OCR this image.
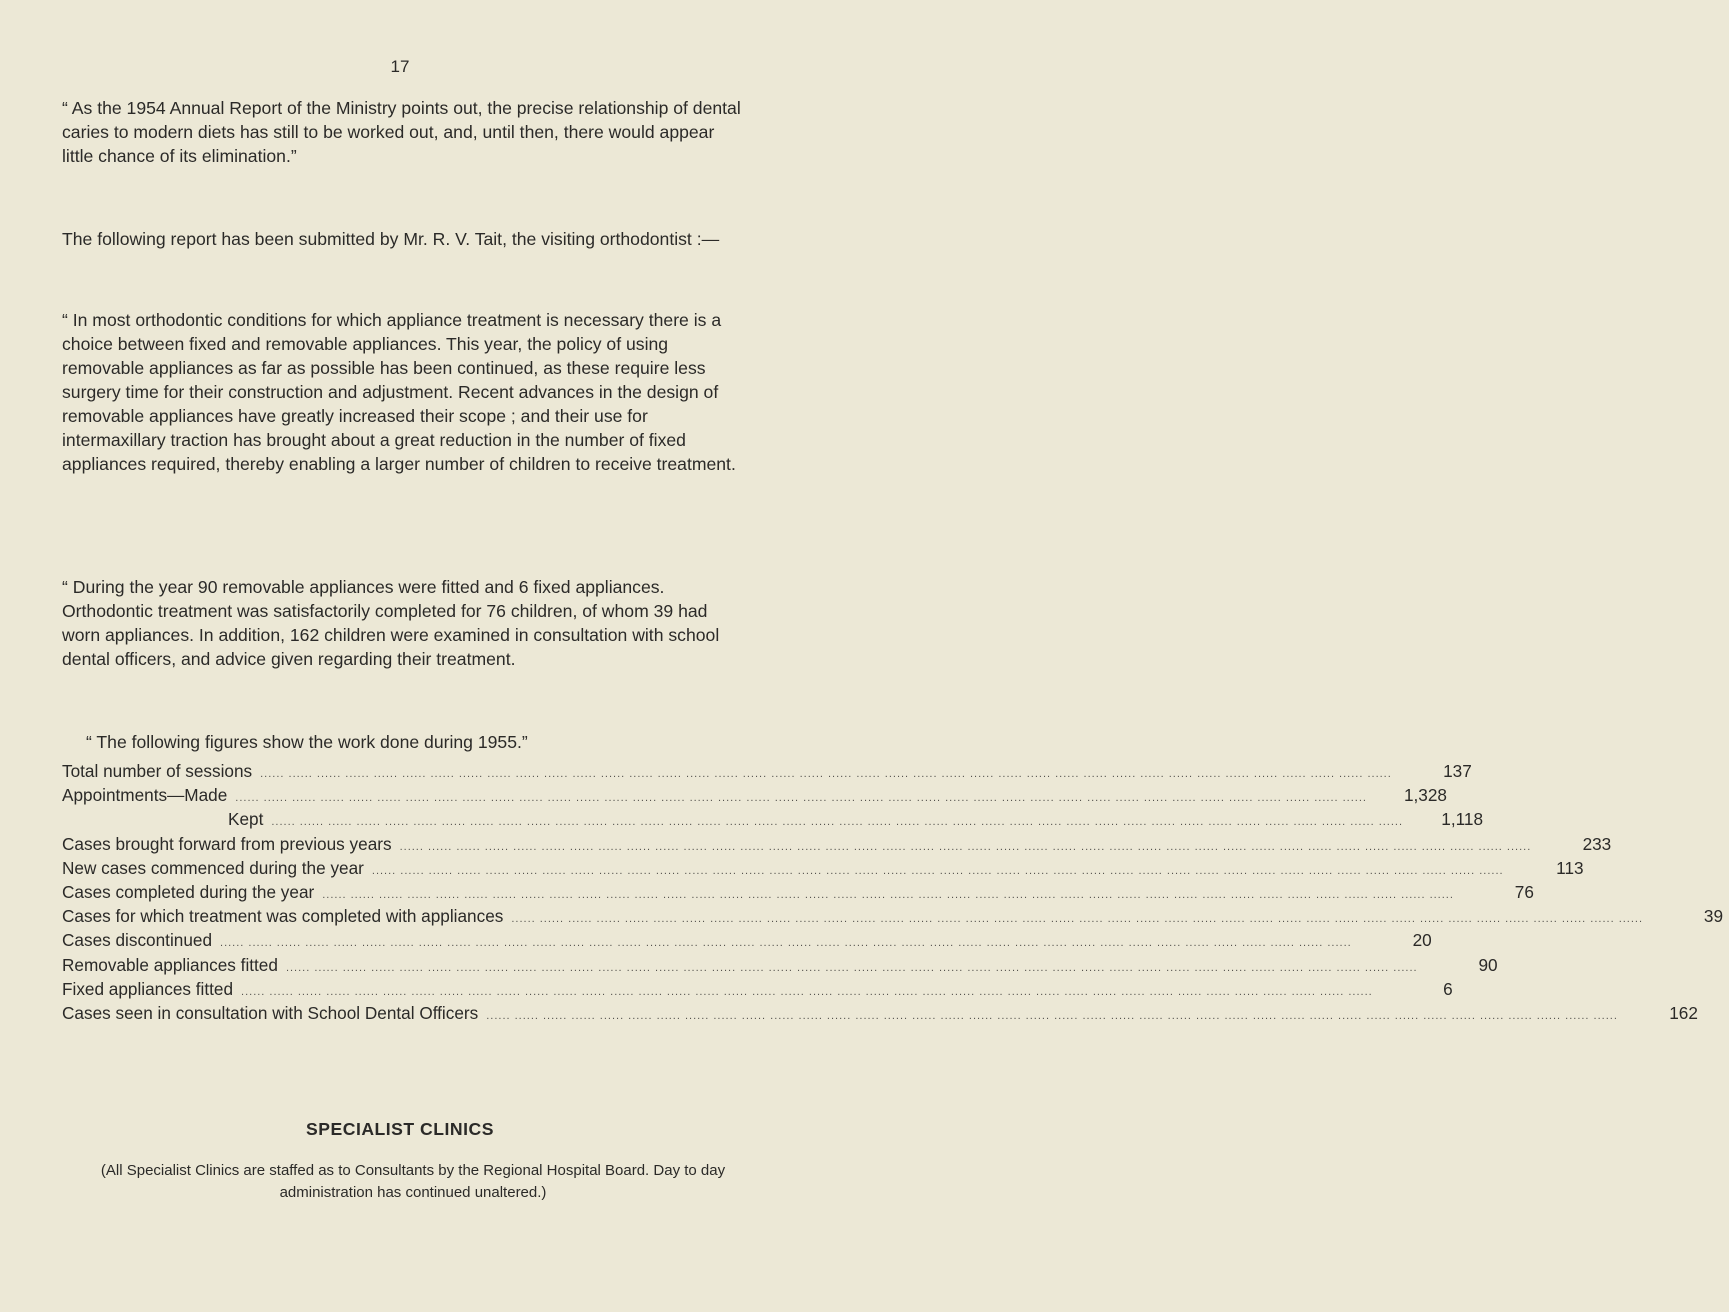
17

“ As the 1954 Annual Report of the Ministry points out, the precise relationship of dental caries to modern diets has still to be worked out, and, until then, there would appear little chance of its elimination.”

The following report has been submitted by Mr. R. V. Tait, the visiting orthodontist :—

“ In most orthodontic conditions for which appliance treatment is necessary there is a choice between fixed and removable appliances. This year, the policy of using removable appliances as far as possible has been continued, as these require less surgery time for their construction and adjustment. Recent advances in the design of removable appliances have greatly increased their scope ; and their use for intermaxillary traction has brought about a great reduction in the number of fixed appliances required, thereby enabling a larger number of children to receive treatment.

“ During the year 90 removable appliances were fitted and 6 fixed appliances. Orthodontic treatment was satisfactorily completed for 76 children, of whom 39 had worn appliances. In addition, 162 children were examined in consultation with school dental officers, and advice given regarding their treatment.

“ The following figures show the work done during 1955.”

Total number of sessions ...... ...... ...... ...... ...... ...... ...... ...... ...... ...... ...... ...... ...... ...... ...... ...... ...... ...... ...... ...... ...... ...... ...... ...... ...... ...... ...... ...... ...... ...... ...... ...... ...... ...... ...... ...... ...... ...... ...... ......	137
Appointments—Made ...... ...... ...... ...... ...... ...... ...... ...... ...... ...... ...... ...... ...... ...... ...... ...... ...... ...... ...... ...... ...... ...... ...... ...... ...... ...... ...... ...... ...... ...... ...... ...... ...... ...... ...... ...... ...... ...... ...... ......	1,328
Kept ...... ...... ...... ...... ...... ...... ...... ...... ...... ...... ...... ...... ...... ...... ...... ...... ...... ...... ...... ...... ...... ...... ...... ...... ...... ...... ...... ...... ...... ...... ...... ...... ...... ...... ...... ...... ...... ...... ...... ......	1,118
Cases brought forward from previous years ...... ...... ...... ...... ...... ...... ...... ...... ...... ...... ...... ...... ...... ...... ...... ...... ...... ...... ...... ...... ...... ...... ...... ...... ...... ...... ...... ...... ...... ...... ...... ...... ...... ...... ...... ...... ...... ...... ...... ......	233
New cases commenced during the year ...... ...... ...... ...... ...... ...... ...... ...... ...... ...... ...... ...... ...... ...... ...... ...... ...... ...... ...... ...... ...... ...... ...... ...... ...... ...... ...... ...... ...... ...... ...... ...... ...... ...... ...... ...... ...... ...... ...... ......	113
Cases completed during the year ...... ...... ...... ...... ...... ...... ...... ...... ...... ...... ...... ...... ...... ...... ...... ...... ...... ...... ...... ...... ...... ...... ...... ...... ...... ...... ...... ...... ...... ...... ...... ...... ...... ...... ...... ...... ...... ...... ...... ......	76
Cases for which treatment was completed with appliances ...... ...... ...... ...... ...... ...... ...... ...... ...... ...... ...... ...... ...... ...... ...... ...... ...... ...... ...... ...... ...... ...... ...... ...... ...... ...... ...... ...... ...... ...... ...... ...... ...... ...... ...... ...... ...... ...... ...... ......	39
Cases discontinued ...... ...... ...... ...... ...... ...... ...... ...... ...... ...... ...... ...... ...... ...... ...... ...... ...... ...... ...... ...... ...... ...... ...... ...... ...... ...... ...... ...... ...... ...... ...... ...... ...... ...... ...... ...... ...... ...... ...... ......	20
Removable appliances fitted ...... ...... ...... ...... ...... ...... ...... ...... ...... ...... ...... ...... ...... ...... ...... ...... ...... ...... ...... ...... ...... ...... ...... ...... ...... ...... ...... ...... ...... ...... ...... ...... ...... ...... ...... ...... ...... ...... ...... ......	90
Fixed appliances fitted ...... ...... ...... ...... ...... ...... ...... ...... ...... ...... ...... ...... ...... ...... ...... ...... ...... ...... ...... ...... ...... ...... ...... ...... ...... ...... ...... ...... ...... ...... ...... ...... ...... ...... ...... ...... ...... ...... ...... ......	6
Cases seen in consultation with School Dental Officers ...... ...... ...... ...... ...... ...... ...... ...... ...... ...... ...... ...... ...... ...... ...... ...... ...... ...... ...... ...... ...... ...... ...... ...... ...... ...... ...... ...... ...... ...... ...... ...... ...... ...... ...... ...... ...... ...... ...... ......	162
SPECIALIST CLINICS
(All Specialist Clinics are staffed as to Consultants by the Regional Hospital Board. Day to day administration has continued unaltered.)
